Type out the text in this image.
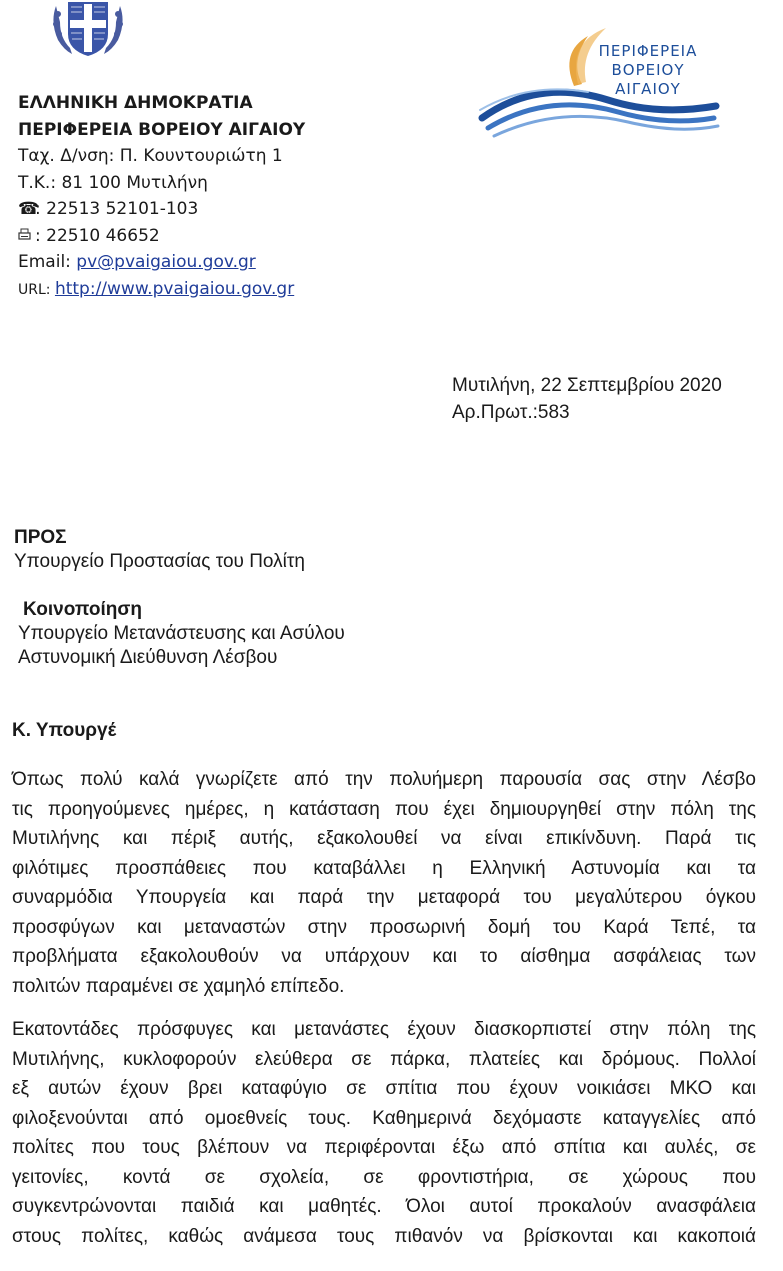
ΠΕΡΙΦΕΡΕΙΑ
ΒΟΡΕΙΟΥ
ΑΙΓΑΙΟΥ
ΕΛΛΗΝΙΚΗ ΔΗΜΟΚΡΑΤΙΑ
ΠΕΡΙΦΕΡΕΙΑ ΒΟΡΕΙΟΥ ΑΙΓΑΙΟΥ
Ταχ. Δ/νση: Π. Κουντουριώτη 1
Τ.Κ.: 81 100 Μυτιλήνη
☎: 22513 52101-103
: 22510 46652
Email: pv@pvaigaiou.gov.gr
URL: http://www.pvaigaiou.gov.gr
Μυτιλήνη, 22 Σεπτεμβρίου 2020
Αρ.Πρωτ.:583
ΠΡΟΣ
Υπουργείο Προστασίας του Πολίτη
Κοινοποίηση
Υπουργείο Μετανάστευσης και Ασύλου
Αστυνομική Διεύθυνση Λέσβου
Κ. Υπουργέ
Όπως πολύ καλά γνωρίζετε από την πολυήμερη παρουσία σας στην Λέσβο
τις προηγούμενες ημέρες, η κατάσταση που έχει δημιουργηθεί στην πόλη της
Μυτιλήνης και πέριξ αυτής, εξακολουθεί να είναι επικίνδυνη. Παρά τις
φιλότιμες προσπάθειες που καταβάλλει η Ελληνική Αστυνομία και τα
συναρμόδια Υπουργεία και παρά την μεταφορά του μεγαλύτερου όγκου
προσφύγων και μεταναστών στην προσωρινή δομή του Καρά Τεπέ, τα
προβλήματα εξακολουθούν να υπάρχουν και το αίσθημα ασφάλειας των
πολιτών παραμένει σε χαμηλό επίπεδο.
Εκατοντάδες πρόσφυγες και μετανάστες έχουν διασκορπιστεί στην πόλη της
Μυτιλήνης, κυκλοφορούν ελεύθερα σε πάρκα, πλατείες και δρόμους. Πολλοί
εξ αυτών έχουν βρει καταφύγιο σε σπίτια που έχουν νοικιάσει ΜΚΟ και
φιλοξενούνται από ομοεθνείς τους. Καθημερινά δεχόμαστε καταγγελίες από
πολίτες που τους βλέπουν να περιφέρονται έξω από σπίτια και αυλές, σε
γειτονίες, κοντά σε σχολεία, σε φροντιστήρια, σε χώρους που
συγκεντρώνονται παιδιά και μαθητές. Όλοι αυτοί προκαλούν ανασφάλεια
στους πολίτες, καθώς ανάμεσα τους πιθανόν να βρίσκονται και κακοποιά
